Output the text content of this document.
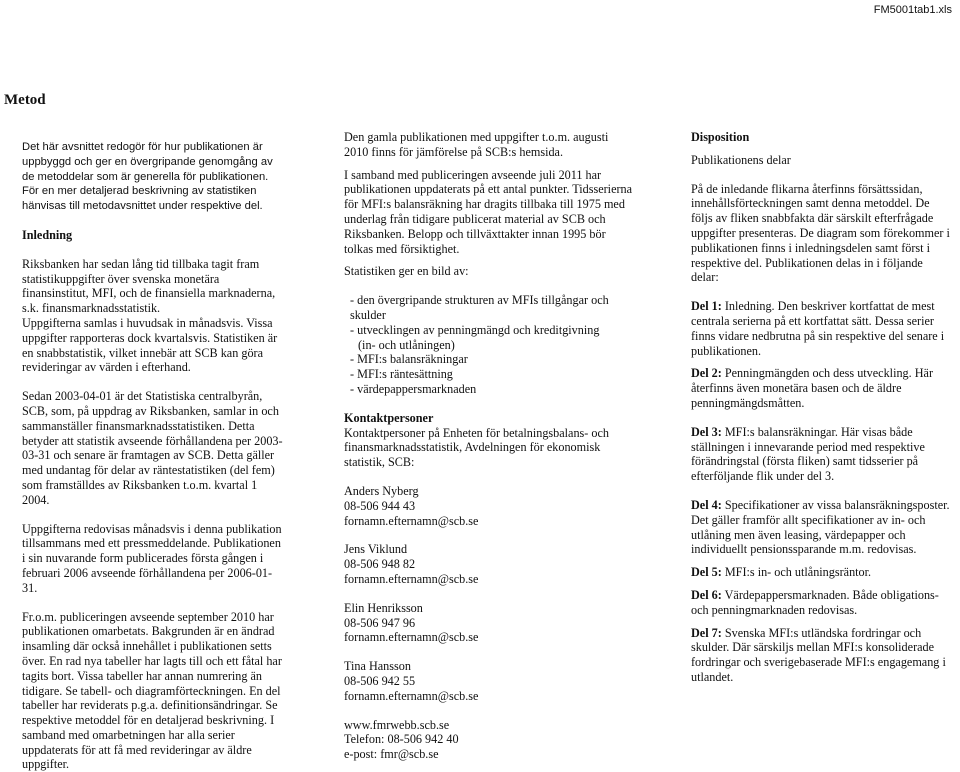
FM5001tab1.xls
Metod

Det här avsnittet redogör för hur publikationen är uppbyggd och ger en övergripande genomgång av de metoddelar som är generella för publikationen.

För en mer detaljerad beskrivning av statistiken hänvisas till metodavsnittet under respektive del.

Inledning

Riksbanken har sedan lång tid tillbaka tagit fram statistikuppgifter över svenska monetära finansinstitut, MFI, och de finansiella marknaderna, s.k. finansmarknadsstatistik.

Uppgifterna samlas i huvudsak in månadsvis. Vissa uppgifter rapporteras dock kvartalsvis. Statistiken är en snabbstatistik, vilket innebär att SCB kan göra revideringar av värden i efterhand.

Sedan 2003-04-01 är det Statistiska centralbyrån, SCB, som, på uppdrag av Riksbanken, samlar in och sammanställer finansmarknadsstatistiken. Detta betyder att statistik avseende förhållandena per 2003-03-31 och senare är framtagen av SCB. Detta gäller med undantag för delar av räntestatistiken (del fem) som framställdes av Riksbanken t.o.m. kvartal 1 2004.

Uppgifterna redovisas månadsvis i denna publikation tillsammans med ett pressmeddelande. Publikationen i sin nuvarande form publicerades första gången i februari 2006 avseende förhållandena per 2006-01-31.

Fr.o.m. publiceringen avseende september 2010 har publikationen omarbetats. Bakgrunden är en ändrad insamling där också innehållet i publikationen setts över. En rad nya tabeller har lagts till och ett fåtal har tagits bort. Vissa tabeller har annan numrering än tidigare. Se tabell- och diagramförteckningen. En del tabeller har reviderats p.g.a. definitionsändringar. Se respektive metoddel för en detaljerad beskrivning. I samband med omarbetningen har alla serier uppdaterats för att få med revideringar av äldre uppgifter.

Den gamla publikationen med uppgifter t.o.m. augusti 2010 finns för jämförelse på SCB:s hemsida.

I samband med publiceringen avseende juli 2011 har publikationen uppdaterats på ett antal punkter. Tidsserierna för MFI:s balansräkning har dragits tillbaka till 1975 med underlag från tidigare publicerat material av SCB och Riksbanken. Belopp och tillväxttakter innan 1995 bör tolkas med försiktighet.

Statistiken ger en bild av:

- den övergripande strukturen av MFIs tillgångar och skulder

- utvecklingen av penningmängd och kreditgivning

(in- och utlåningen)

- MFI:s balansräkningar

- MFI:s räntesättning

- värdepappersmarknaden

Kontaktpersoner

Kontaktpersoner på Enheten för betalningsbalans- och finansmarknadsstatistik, Avdelningen för ekonomisk statistik, SCB:

Anders Nyberg

08-506 944 43

fornamn.efternamn@scb.se

Jens Viklund

08-506 948 82

fornamn.efternamn@scb.se

Elin Henriksson

08-506 947 96

fornamn.efternamn@scb.se

Tina Hansson

08-506 942 55

fornamn.efternamn@scb.se

www.fmrwebb.scb.se

Telefon: 08-506 942 40

e-post: fmr@scb.se

Disposition

Publikationens delar

På de inledande flikarna återfinns försättssidan, innehållsförteckningen samt denna metoddel. De följs av fliken snabbfakta där särskilt efterfrågade uppgifter presenteras. De diagram som förekommer i publikationen finns i inledningsdelen samt först i respektive del. Publikationen delas in i följande delar:

Del 1: Inledning. Den beskriver kortfattat de mest centrala serierna på ett kortfattat sätt. Dessa serier finns vidare nedbrutna på sin respektive del senare i publikationen.

Del 2: Penningmängden och dess utveckling. Här återfinns även monetära basen och de äldre penningmängdsmåtten.

Del 3: MFI:s balansräkningar. Här visas både ställningen i innevarande period med respektive förändringstal (första fliken) samt tidsserier på efterföljande flik under del 3.

Del 4: Specifikationer av vissa balansräkningsposter. Det gäller framför allt specifikationer av in- och utlåning men även leasing, värdepapper och individuellt pensionssparande m.m. redovisas.

Del 5: MFI:s in- och utlåningsräntor.

Del 6: Värdepappersmarknaden. Både obligations- och penningmarknaden redovisas.

Del 7: Svenska MFI:s utländska fordringar och skulder. Där särskiljs mellan MFI:s konsoliderade fordringar och sverigebaserade MFI:s engagemang i utlandet.
